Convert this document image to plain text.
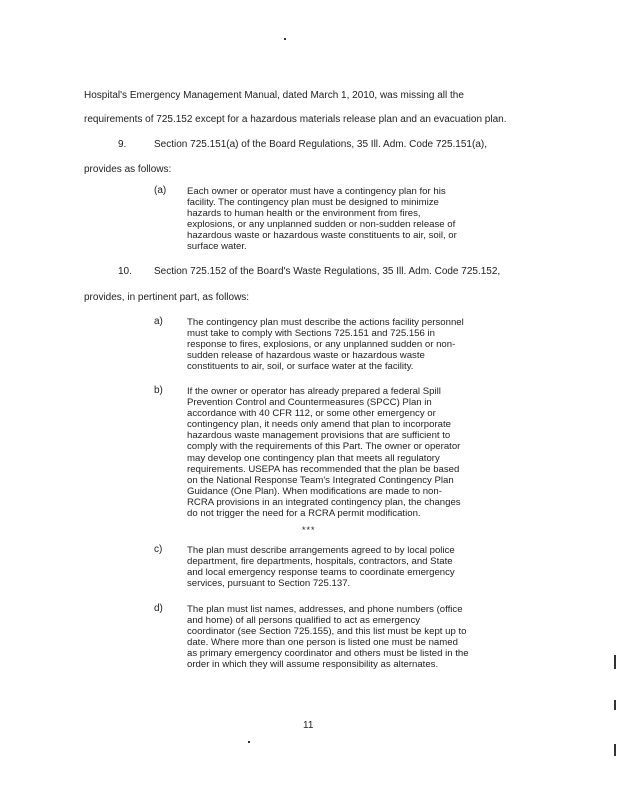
Hospital's Emergency Management Manual, dated March 1, 2010, was missing all the
requirements of 725.152 except for a hazardous materials release plan and an evacuation plan.
9.	Section 725.151(a) of the Board Regulations, 35 Ill. Adm. Code 725.151(a),
provides as follows:
(a) Each owner or operator must have a contingency plan for his
facility. The contingency plan must be designed to minimize
hazards to human health or the environment from fires,
explosions, or any unplanned sudden or non-sudden release of
hazardous waste or hazardous waste constituents to air, soil, or
surface water.
10. Section 725.152 of the Board's Waste Regulations, 35 Ill. Adm. Code 725.152,
provides, in pertinent part, as follows:
a)	The contingency plan must describe the actions facility personnel
must take to comply with Sections 725.151 and 725.156 in
response to fires, explosions, or any unplanned sudden or non-
sudden release of hazardous waste or hazardous waste
constituents to air, soil, or surface water at the facility.
b)	If the owner or operator has already prepared a federal Spill
Prevention Control and Countermeasures (SPCC) Plan in
accordance with 40 CFR 112, or some other emergency or
contingency plan, it needs only amend that plan to incorporate
hazardous waste management provisions that are sufficient to
comply with the requirements of this Part. The owner or operator
may develop one contingency plan that meets all regulatory
requirements. USEPA has recommended that the plan be based
on the National Response Team's Integrated Contingency Plan
Guidance (One Plan). When modifications are made to non-
RCRA provisions in an integrated contingency plan, the changes
do not trigger the need for a RCRA permit modification.
***
c)	The plan must describe arrangements agreed to by local police
department, fire departments, hospitals, contractors, and State
and local emergency response teams to coordinate emergency
services, pursuant to Section 725.137.
d)	The plan must list names, addresses, and phone numbers (office
and home) of all persons qualified to act as emergency
coordinator (see Section 725.155), and this list must be kept up to
date. Where more than one person is listed one must be named
as primary emergency coordinator and others must be listed in the
order in which they will assume responsibility as alternates.
11
